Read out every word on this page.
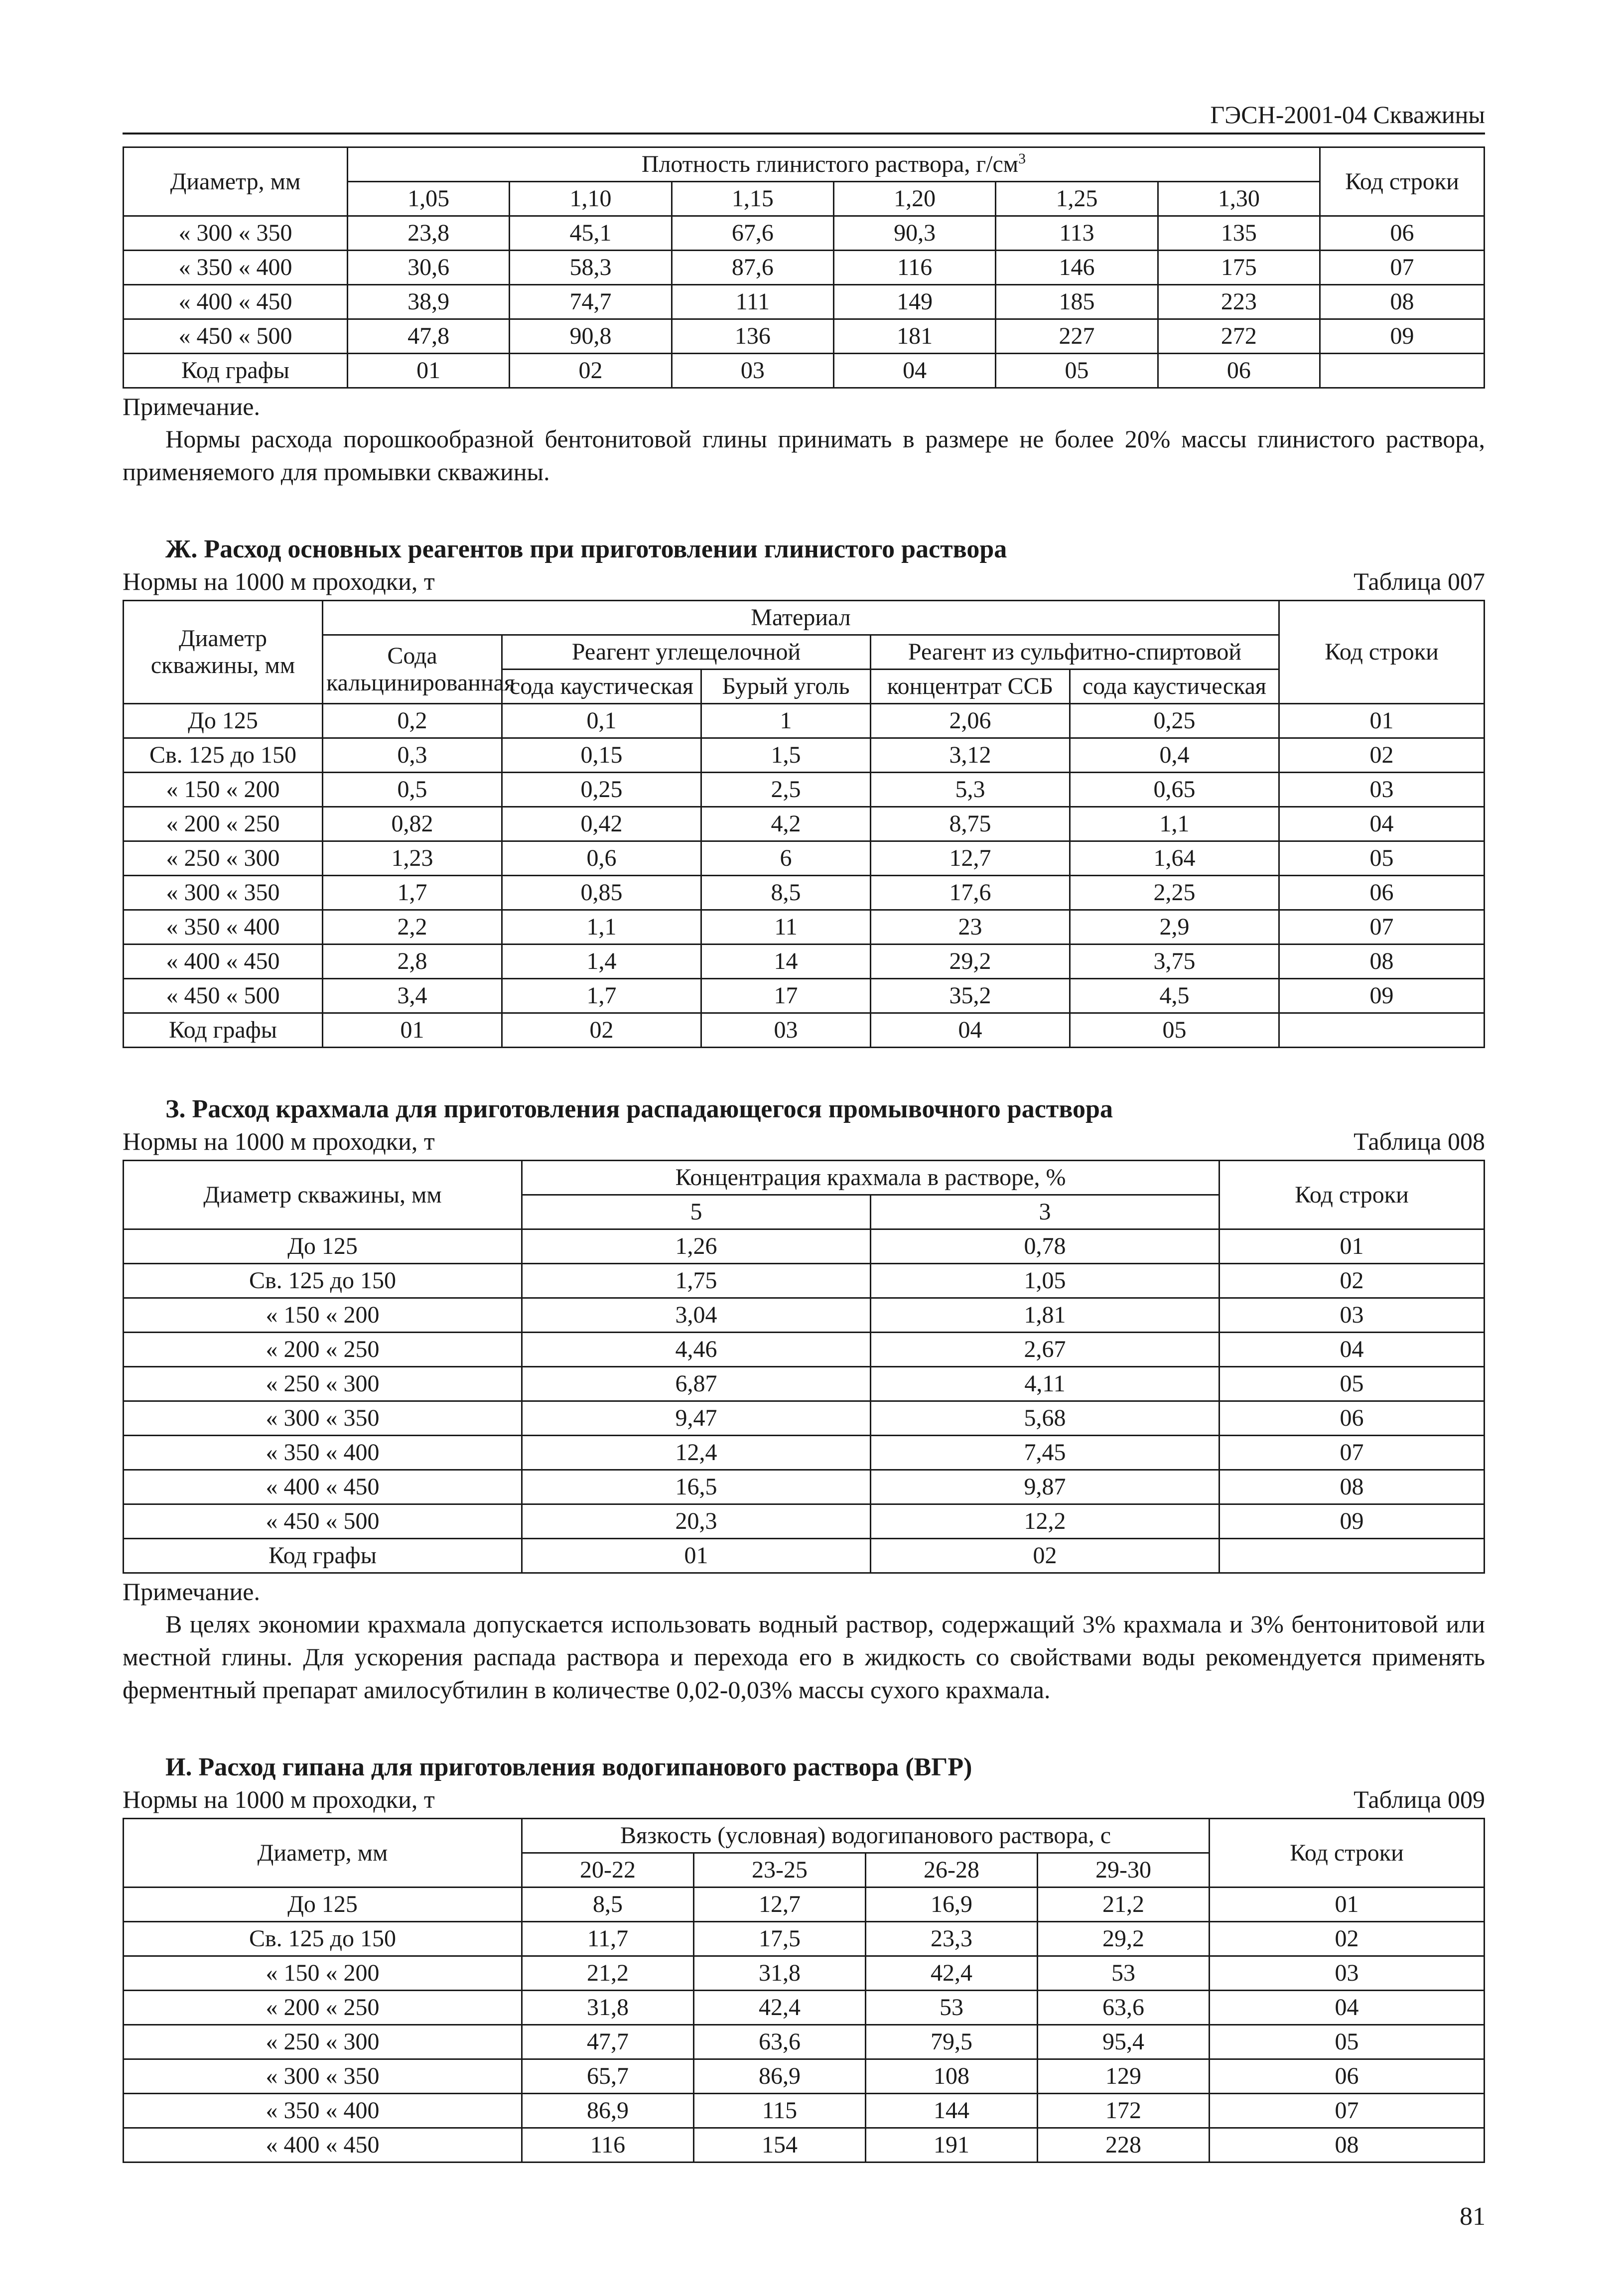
ГЭСН-2001-04 Скважины
Диаметр, мм	Плотность глинистого раствора, $г/см^3$						Код строки
	1,05	1,10	1,15	1,20	1,25	1,30	
« 300 « 350	23,8	45,1	67,6	90,3	113	135	06
« 350 « 400	30,6	58,3	87,6	116	146	175	07
« 400 « 450	38,9	74,7	111	149	185	223	08
« 450 « 500	47,8	90,8	136	181	227	272	09
Код графы	01	02	03	04	05	06	
Примечание.
Нормы расхода порошкообразной бентонитовой глины принимать в размере не более 20% массы глинистого раствора, применяемого для промывки скважины.
Ж. Расход основных реагентов при приготовлении глинистого раствора
Нормы на 1000 м проходки, т	Таблица 007
Диаметр скважины, мм	Материал					Код строки
	Сода кальцинированная	Реагент углещелочной		Реагент из сульфитно-спиртовой		
		сода каустическая	Бурый уголь	концентрат ССБ	сода каустическая	
До 125	0,2	0,1	1	2,06	0,25	01
Св. 125 до 150	0,3	0,15	1,5	3,12	0,4	02
« 150 « 200	0,5	0,25	2,5	5,3	0,65	03
« 200 « 250	0,82	0,42	4,2	8,75	1,1	04
« 250 « 300	1,23	0,6	6	12,7	1,64	05
« 300 « 350	1,7	0,85	8,5	17,6	2,25	06
« 350 « 400	2,2	1,1	11	23	2,9	07
« 400 « 450	2,8	1,4	14	29,2	3,75	08
« 450 « 500	3,4	1,7	17	35,2	4,5	09
Код графы	01	02	03	04	05	
З. Расход крахмала для приготовления распадающегося промывочного раствора
Нормы на 1000 м проходки, т	Таблица 008
Диаметр скважины, мм	Концентрация крахмала в растворе, %		Код строки
	5	3	
До 125	1,26	0,78	01
Св. 125 до 150	1,75	1,05	02
« 150 « 200	3,04	1,81	03
« 200 « 250	4,46	2,67	04
« 250 « 300	6,87	4,11	05
« 300 « 350	9,47	5,68	06
« 350 « 400	12,4	7,45	07
« 400 « 450	16,5	9,87	08
« 450 « 500	20,3	12,2	09
Код графы	01	02	
Примечание.
В целях экономии крахмала допускается использовать водный раствор, содержащий 3% крахмала и 3% бентонитовой или местной глины. Для ускорения распада раствора и перехода его в жидкость со свойствами воды рекомендуется применять ферментный препарат амилосубтилин в количестве 0,02-0,03% массы сухого крахмала.
И. Расход гипана для приготовления водогипанового раствора (ВГР)
Нормы на 1000 м проходки, т	Таблица 009
Диаметр, мм	Вязкость (условная) водогипанового раствора, с				Код строки
	20-22	23-25	26-28	29-30	
До 125	8,5	12,7	16,9	21,2	01
Св. 125 до 150	11,7	17,5	23,3	29,2	02
« 150 « 200	21,2	31,8	42,4	53	03
« 200 « 250	31,8	42,4	53	63,6	04
« 250 « 300	47,7	63,6	79,5	95,4	05
« 300 « 350	65,7	86,9	108	129	06
« 350 « 400	86,9	115	144	172	07
« 400 « 450	116	154	191	228	08
81
